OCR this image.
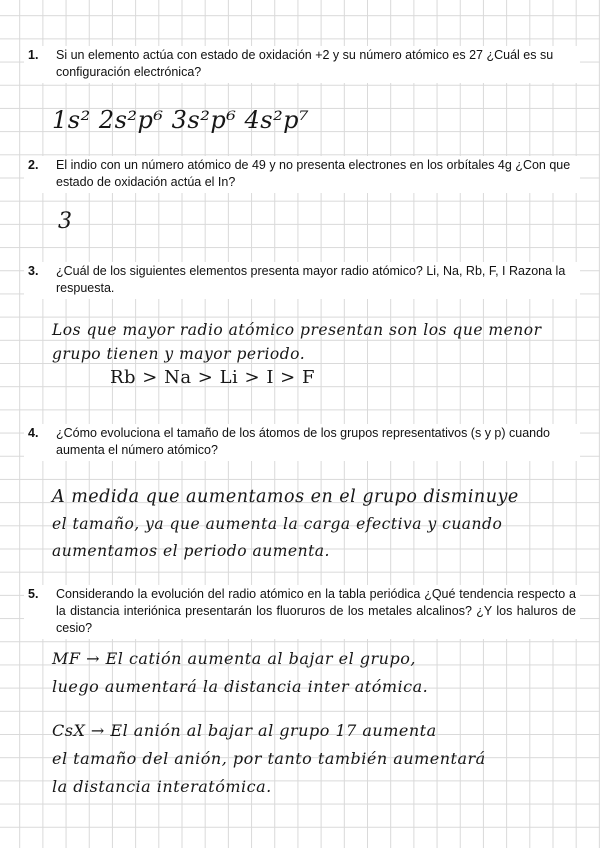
1.	Si un elemento actúa con estado de oxidación +2 y su número atómico es 27 ¿Cuál es su configuración electrónica?
1s² 2s²p⁶ 3s²p⁶ 4s²p⁷
2.	El indio con un número atómico de 49 y no presenta electrones en los orbítales 4g ¿Con que estado de oxidación actúa el In?
3
3.	¿Cuál de los siguientes elementos presenta mayor radio atómico? Li, Na, Rb, F, I Razona la respuesta.
Los que mayor radio atómico presentan son los que menor
grupo tienen y mayor periodo.
Rb > Na > Li > I > F
4.	¿Cómo evoluciona el tamaño de los átomos de los grupos representativos (s y p) cuando aumenta el número atómico?
A medida que aumentamos en el grupo disminuye
el tamaño, ya que aumenta la carga efectiva y cuando
aumentamos el periodo aumenta.
5.	Considerando la evolución del radio atómico en la tabla periódica ¿Qué tendencia respecto a la distancia interiónica presentarán los fluoruros de los metales alcalinos? ¿Y los haluros de cesio?
MF → El catión aumenta al bajar el grupo,
luego aumentará la distancia inter atómica.
CsX → El anión al bajar al grupo 17 aumenta
el tamaño del anión, por tanto también aumentará
la distancia interatómica.
